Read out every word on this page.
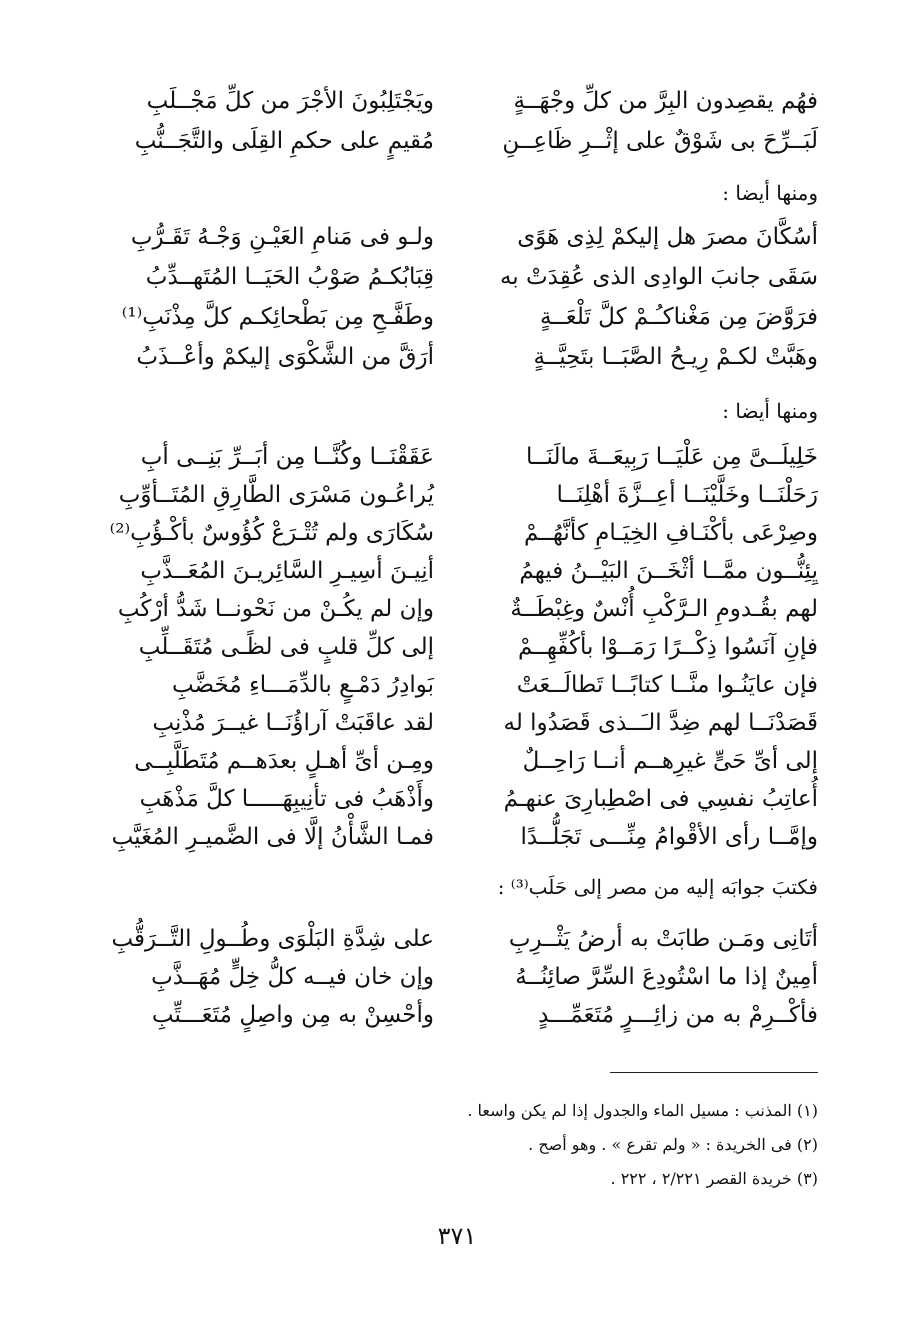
فهُم يقصِدون البِرَّ من كلِّ وجْهَــةٍ
ويَجْتَلِبُونَ الأجْرَ من كلِّ مَجْــلَبِ
لَبَــرِّحَ بى شَوْقٌ على إثْــرِ ظَاعِــنِ
مُقيمٍ على حكمِ القِلَى والتَّجَــنُّبِ
ومنها أيضا :
أسُكَّانَ مصرَ هل إليكمْ لِذِى هَوًى
ولـو فى مَنامِ العَيْـنِ وَجْـهُ تَقَـرُّبِ
سَقَى جانبَ الوادِى الذى عُقِدَتْ به
قِبَابُكـمُ صَوْبُ الحَيَــا المُتَهــدِّبُ
فرَوَّضَ مِن مَغْناكـُـمْ كلَّ تَلْعَــةٍ
وطَفَّـحِ مِن بَطْحائِكـم كلَّ مِذْنَبِ⁽¹⁾
وهَبَّتْ لكـمْ رِيـحُ الصَّبَــا بتَحِيَّــةٍ
أرَقَّ من الشَّكْوَى إليكمْ وأعْــذَبُ
ومنها أيضا :
خَلِيلَــىَّ مِن عَلْيَــا رَبِيعَــةَ مالَنَــا
عَقَقْنَــا وكُنَّــا مِن أبَــرِّ بَنِــى أبِ
رَحَلْنَــا وخَلَّيْنَــا أعِــزَّةَ أهْلِنَــا
يُراعُـون مَسْرَى الطَّارِقِ المُتَــأوِّبِ
وصِرْعَى بأكْنَـافِ الخِيَـامِ كأنَّهُــمْ
سُكَارَى ولم تُتْـرَعْ كُؤُوسٌ بأكْـؤُبِ⁽²⁾
يِئِنُّــون ممَّــا أثْخَــنَ البَيْــنُ فيهمُ
أنِيـنَ أسِيـرِ السَّائِريـنَ المُعَــذَّبِ
لهم بقُـدومِ الـرَّكْبِ أُنْسٌ وغِبْطَــةٌ
وإن لم يكُـنْ من نَحْونــا شَدُّ أرْكُبِ
فإنِ آنَسُوا ذِكْــرًا رَمَــوْا بأكُفِّهِــمْ
إلى كلِّ قلبٍ فى لظًـى مُتَقَــلِّبِ
فإن عايَنُـوا منَّــا كتابًــا تَطالَــعَتْ
بَوادِرُ دَمْـعٍ بالدِّمَـــاءِ مُخَضَّبِ
قَصَدْنَــا لهم ضِدَّ الـَــذى قَصَدُوا له
لقد عاقَبَتْ آراؤُنَــا غيــرَ مُذْنِبِ
إلى أىِّ حَىٍّ غيرِهــم أنــا رَاحِــلٌ
ومِـن أىِّ أهـلٍ بعدَهــم مُتَطَلَّبِــى
أُعاتِبُ نفسِي فى اصْطِبارِىَ عنهـمُ
وأَذْهَبُ فى تأنِيبِهَـــــا كلَّ مَذْهَبِ
وإمَّــا رأى الأقْوامُ مِنِّـــى تَجَلُّــدًا
فمـا الشَّأْنُ إلَّا فى الضَّميـرِ المُغَيَّبِ
فكتبَ جوابَه إليه من مصر إلى حَلَب⁽³⁾ :
أتَانِى ومَـن طابَتْ به أرضُ يَثْــرِبِ
على شِدَّةِ البَلْوَى وطُــولِ التَّــرَقُّبِ
أمِينٌ إذا ما اسْتُودِعَ السِّرَّ صائِنُــهُ
وإن خان فيــه كلُّ خِلٍّ مُهَــذَّبِ
فأكْــرِمْ به من زائِـــرٍ مُتَعَمِّـــدٍ
وأحْسِنْ به مِن واصِلٍ مُتَعَـــتِّبِ
(١) المذنب : مسيل الماء والجدول إذا لم يكن واسعا .
(٢) فى الخريدة : « ولم تقرع » . وهو أصح .
(٣) خريدة القصر ٢/٢٢١ ، ٢٢٢ .
٣٧١
